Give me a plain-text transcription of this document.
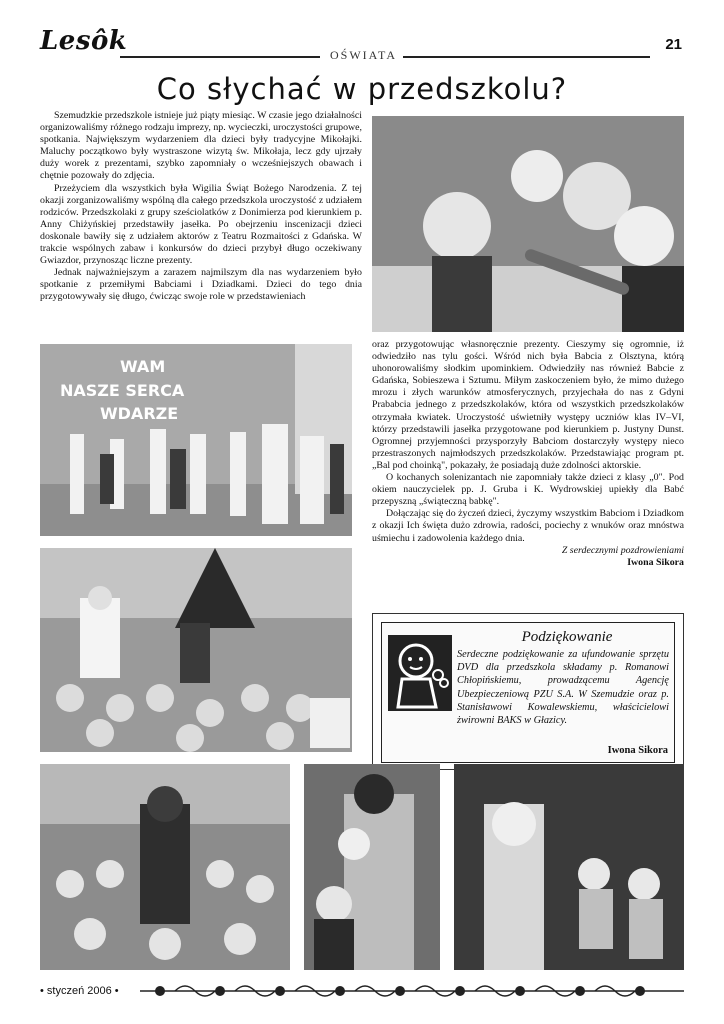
Lesôk	OŚWIATA
21
Co słychać w przedszkolu?

Szemudzkie przedszkole istnieje już piąty miesiąc. W czasie jego działalności organizowaliśmy różnego rodzaju imprezy, np. wycieczki, uroczystości grupowe, spotkania. Największym wydarzeniem dla dzieci były tradycyjne Mikołajki. Maluchy początkowo były wystraszone wizytą św. Mikołaja, lecz gdy ujrzały duży worek z prezentami, szybko zapomniały o wcześniejszych obawach i chętnie pozowały do zdjęcia.

Przeżyciem dla wszystkich była Wigilia Świąt Bożego Narodzenia. Z tej okazji zorganizowaliśmy wspólną dla całego przedszkola uroczystość z udziałem rodziców. Przedszkolaki z grupy sześciolatków z Donimierza pod kierunkiem p. Anny Chiżyńskiej przedstawiły jasełka. Po obejrzeniu inscenizacji dzieci doskonale bawiły się z udziałem aktorów z Teatru Rozmaitości z Gdańska. W trakcie wspólnych zabaw i konkursów do dzieci przybył długo oczekiwany Gwiazdor, przynosząc liczne prezenty.

Jednak najważniejszym a zarazem najmilszym dla nas wydarzeniem było spotkanie z przemiłymi Babciami i Dziadkami. Dzieci do tego dnia przygotowywały się długo, ćwicząc swoje role w przedstawieniach

WAM
NASZE SERCA
WDARZE

oraz przygotowując własnoręcznie prezenty. Cieszymy się ogromnie, iż odwiedziło nas tylu gości. Wśród nich była Babcia z Olsztyna, którą uhonorowaliśmy słodkim upominkiem. Odwiedziły nas również Babcie z Gdańska, Sobieszewa i Sztumu. Miłym zaskoczeniem było, że mimo dużego mrozu i złych warunków atmosferycznych, przyjechała do nas z Gdyni Prababcia jednego z przedszkolaków, która od wszystkich przedszkolaków otrzymała kwiatek. Uroczystość uświetniły występy uczniów klas IV–VI, którzy przedstawili jasełka przygotowane pod kierunkiem p. Justyny Dunst. Ogromnej przyjemności przysporzyły Babciom dostarczyły występy nieco przestraszonych najmłodszych przedszkolaków. Przedstawiając program pt. „Bal pod choinką", pokazały, że posiadają duże zdolności aktorskie.

O kochanych solenizantach nie zapomniały także dzieci z klasy „0". Pod okiem nauczycielek pp. J. Gruba i K. Wydrowskiej upiekły dla Babć przepyszną „świąteczną babkę".

Dołączając się do życzeń dzieci, życzymy wszystkim Babciom i Dziadkom z okazji Ich święta dużo zdrowia, radości, pociechy z wnuków oraz mnóstwa uśmiechu i zadowolenia każdego dnia.

Z serdecznymi pozdrowieniami
Iwona Sikora
Podziękowanie
Serdeczne podziękowanie za ufundowanie sprzętu DVD dla przedszkola składamy p. Romanowi Chłopińskiemu, prowadzącemu Agencję Ubezpieczeniową PZU S.A. W Szemudzie oraz p. Stanisławowi Kowalewskiemu, właścicielowi żwirowni BAKS w Głazicy.
Iwona Sikora
• styczeń 2006 •
